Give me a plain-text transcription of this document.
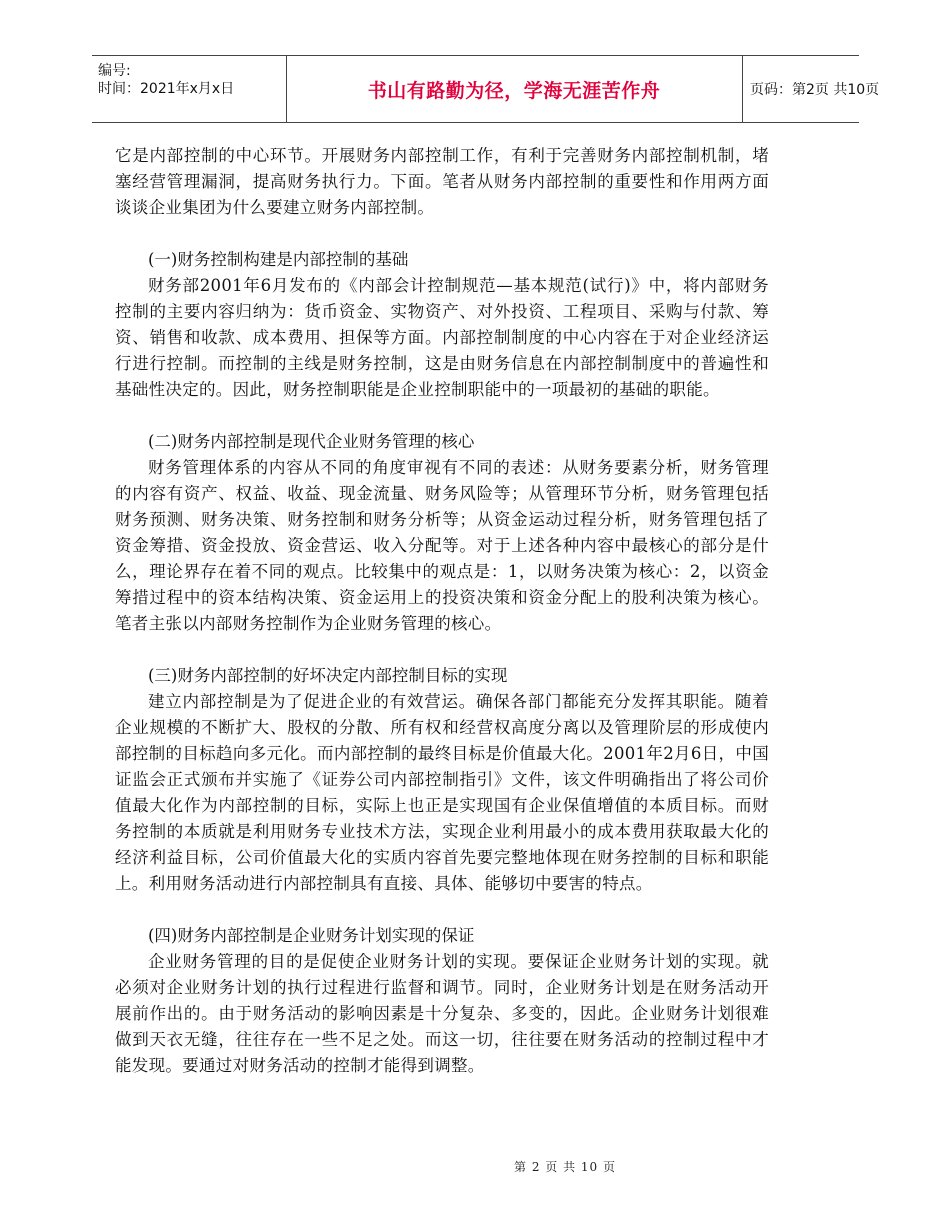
编号:
时间：2021年x月x日	书山有路勤为径，学海无涯苦作舟	页码：第2页 共10页

它是内部控制的中心环节。开展财务内部控制工作，有利于完善财务内部控制机制，堵塞经营管理漏洞，提高财务执行力。下面。笔者从财务内部控制的重要性和作用两方面谈谈企业集团为什么要建立财务内部控制。

(一)财务控制构建是内部控制的基础

财务部2001年6月发布的《内部会计控制规范—基本规范(试行)》中，将内部财务控制的主要内容归纳为：货币资金、实物资产、对外投资、工程项目、采购与付款、筹资、销售和收款、成本费用、担保等方面。内部控制制度的中心内容在于对企业经济运行进行控制。而控制的主线是财务控制，这是由财务信息在内部控制制度中的普遍性和基础性决定的。因此，财务控制职能是企业控制职能中的一项最初的基础的职能。

(二)财务内部控制是现代企业财务管理的核心

财务管理体系的内容从不同的角度审视有不同的表述：从财务要素分析，财务管理的内容有资产、权益、收益、现金流量、财务风险等；从管理环节分析，财务管理包括财务预测、财务决策、财务控制和财务分析等；从资金运动过程分析，财务管理包括了资金筹措、资金投放、资金营运、收入分配等。对于上述各种内容中最核心的部分是什么，理论界存在着不同的观点。比较集中的观点是：1，以财务决策为核心：2，以资金筹措过程中的资本结构决策、资金运用上的投资决策和资金分配上的股利决策为核心。笔者主张以内部财务控制作为企业财务管理的核心。

(三)财务内部控制的好坏决定内部控制目标的实现

建立内部控制是为了促进企业的有效营运。确保各部门都能充分发挥其职能。随着企业规模的不断扩大、股权的分散、所有权和经营权高度分离以及管理阶层的形成使内部控制的目标趋向多元化。而内部控制的最终目标是价值最大化。2001年2月6日，中国证监会正式颁布并实施了《证券公司内部控制指引》文件，该文件明确指出了将公司价值最大化作为内部控制的目标，实际上也正是实现国有企业保值增值的本质目标。而财务控制的本质就是利用财务专业技术方法，实现企业利用最小的成本费用获取最大化的经济利益目标，公司价值最大化的实质内容首先要完整地体现在财务控制的目标和职能上。利用财务活动进行内部控制具有直接、具体、能够切中要害的特点。

(四)财务内部控制是企业财务计划实现的保证

企业财务管理的目的是促使企业财务计划的实现。要保证企业财务计划的实现。就必须对企业财务计划的执行过程进行监督和调节。同时，企业财务计划是在财务活动开展前作出的。由于财务活动的影响因素是十分复杂、多变的，因此。企业财务计划很难做到天衣无缝，往往存在一些不足之处。而这一切，往往要在财务活动的控制过程中才能发现。要通过对财务活动的控制才能得到调整。

第 2 页 共 10 页
